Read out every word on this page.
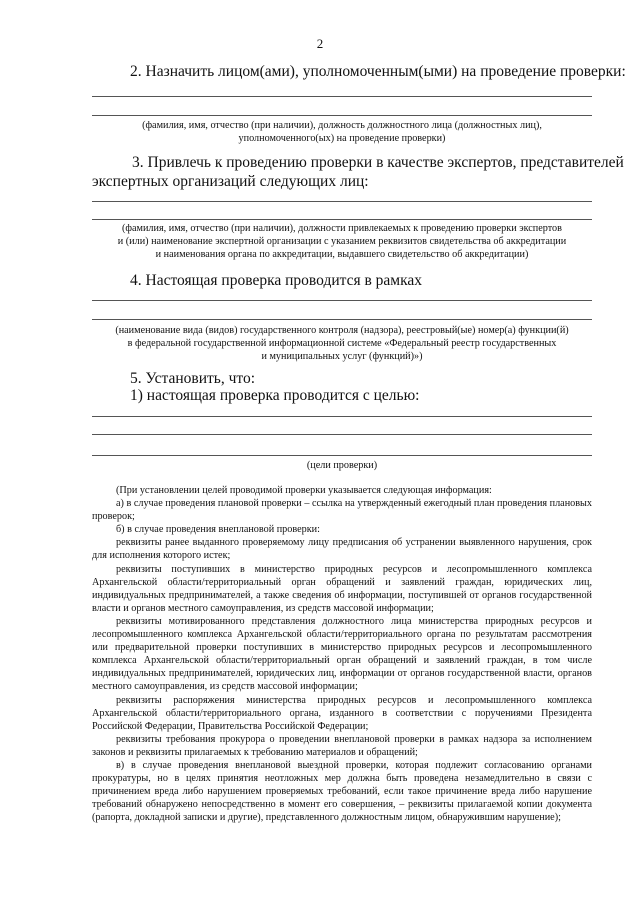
2
2. Назначить лицом(ами), уполномоченным(ыми) на проведение проверки:
(фамилия, имя, отчество (при наличии), должность должностного лица (должностных лиц),
уполномоченного(ых) на проведение проверки)
3. Привлечь к проведению проверки в качестве экспертов, представителей
экспертных организаций следующих лиц:
(фамилия, имя, отчество (при наличии), должности привлекаемых к проведению проверки экспертов
и (или) наименование экспертной организации с указанием реквизитов свидетельства об аккредитации
и наименования органа по аккредитации, выдавшего свидетельство об аккредитации)
4. Настоящая проверка проводится в рамках
(наименование вида (видов) государственного контроля (надзора), реестровый(ые) номер(а) функции(й)
в федеральной государственной информационной системе «Федеральный реестр государственных
и муниципальных услуг (функций)»)
5. Установить, что:
1) настоящая проверка проводится с целью:
(цели проверки)

(При установлении целей проводимой проверки указывается следующая информация:

а) в случае проведения плановой проверки – ссылка на утвержденный ежегодный план проведения плановых проверок;

б) в случае проведения внеплановой проверки:

реквизиты ранее выданного проверяемому лицу предписания об устранении выявленного нарушения, срок для исполнения которого истек;

реквизиты поступивших в министерство природных ресурсов и лесопромышленного комплекса Архангельской области/территориальный орган обращений и заявлений граждан, юридических лиц, индивидуальных предпринимателей, а также сведения об информации, поступившей от органов государственной власти и органов местного самоуправления, из средств массовой информации;

реквизиты мотивированного представления должностного лица министерства природных ресурсов и лесопромышленного комплекса Архангельской области/территориального органа по результатам рассмотрения или предварительной проверки поступивших в министерство природных ресурсов и лесопромышленного комплекса Архангельской области/территориальный орган обращений и заявлений граждан, в том числе индивидуальных предпринимателей, юридических лиц, информации от органов государственной власти, органов местного самоуправления, из средств массовой информации;

реквизиты распоряжения министерства природных ресурсов и лесопромышленного комплекса Архангельской области/территориального органа, изданного в соответствии с поручениями Президента Российской Федерации, Правительства Российской Федерации;

реквизиты требования прокурора о проведении внеплановой проверки в рамках надзора за исполнением законов и реквизиты прилагаемых к требованию материалов и обращений;

в) в случае проведения внеплановой выездной проверки, которая подлежит согласованию органами прокуратуры, но в целях принятия неотложных мер должна быть проведена незамедлительно в связи с причинением вреда либо нарушением проверяемых требований, если такое причинение вреда либо нарушение требований обнаружено непосредственно в момент его совершения, – реквизиты прилагаемой копии документа (рапорта, докладной записки и другие), представленного должностным лицом, обнаружившим нарушение);
